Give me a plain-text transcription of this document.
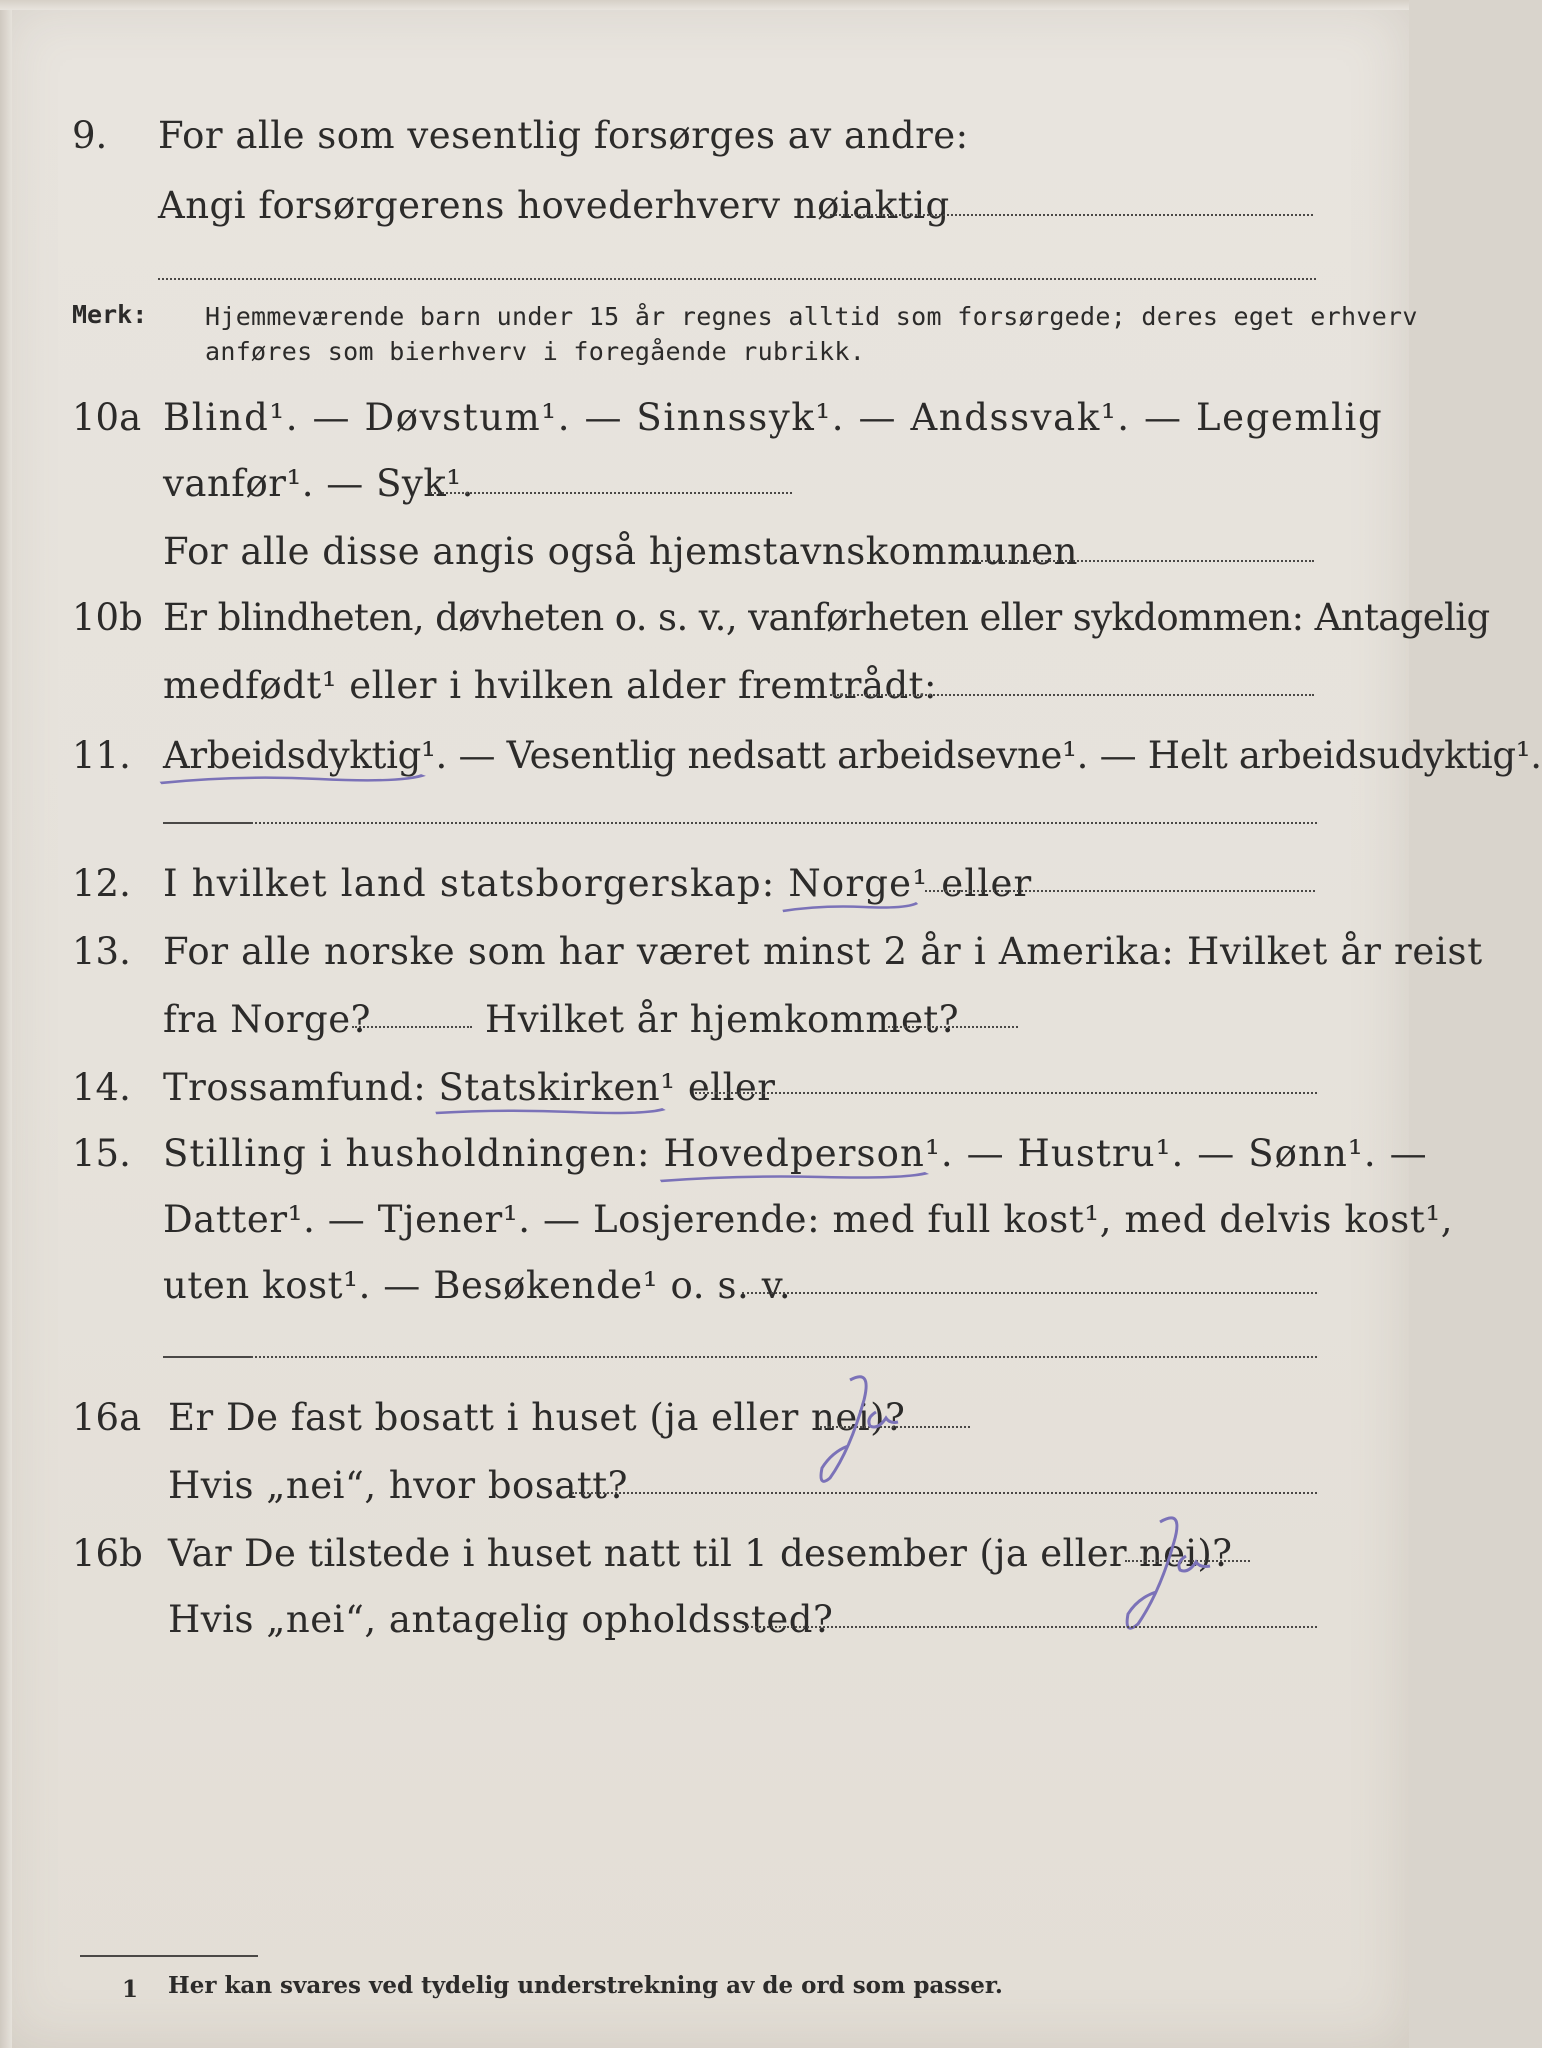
9. For alle som vesentlig forsørges av andre:
Angi forsørgerens hovederhverv nøiaktig
Merk: Hjemmeværende barn under 15 år regnes alltid som forsørgede; deres eget erhverv
anføres som bierhverv i foregående rubrikk.
10a Blind¹. — Døvstum¹. — Sinnssyk¹. — Andssvak¹. — Legemlig
vanfør¹. — Syk¹.
For alle disse angis også hjemstavnskommunen
10b Er blindheten, døvheten o. s. v., vanførheten eller sykdommen: Antagelig
medfødt¹ eller i hvilken alder fremtrådt:
11. Arbeidsdyktig
¹. — Vesentlig nedsatt arbeidsevne¹. — Helt arbeidsudyktig¹.
12. I hvilket land statsborgerskap: Norge
¹ eller
13. For alle norske som har været minst 2 år i Amerika: Hvilket år reist
fra Norge?	Hvilket år hjemkommet?
14. Trossamfund: Statskirken
¹ eller
15. Stilling i husholdningen: Hovedperson
¹. — Hustru¹. — Sønn¹. —
Datter¹. — Tjener¹. — Losjerende: med full kost¹, med delvis kost¹,
uten kost¹. — Besøkende¹ o. s. v.
16a Er De fast bosatt i huset (ja eller nei)?
Hvis „nei“, hvor bosatt?
16b Var De tilstede i huset natt til 1 desember (ja eller nei)?
Hvis „nei“, antagelig opholdssted?
1 Her kan svares ved tydelig understrekning av de ord som passer.
